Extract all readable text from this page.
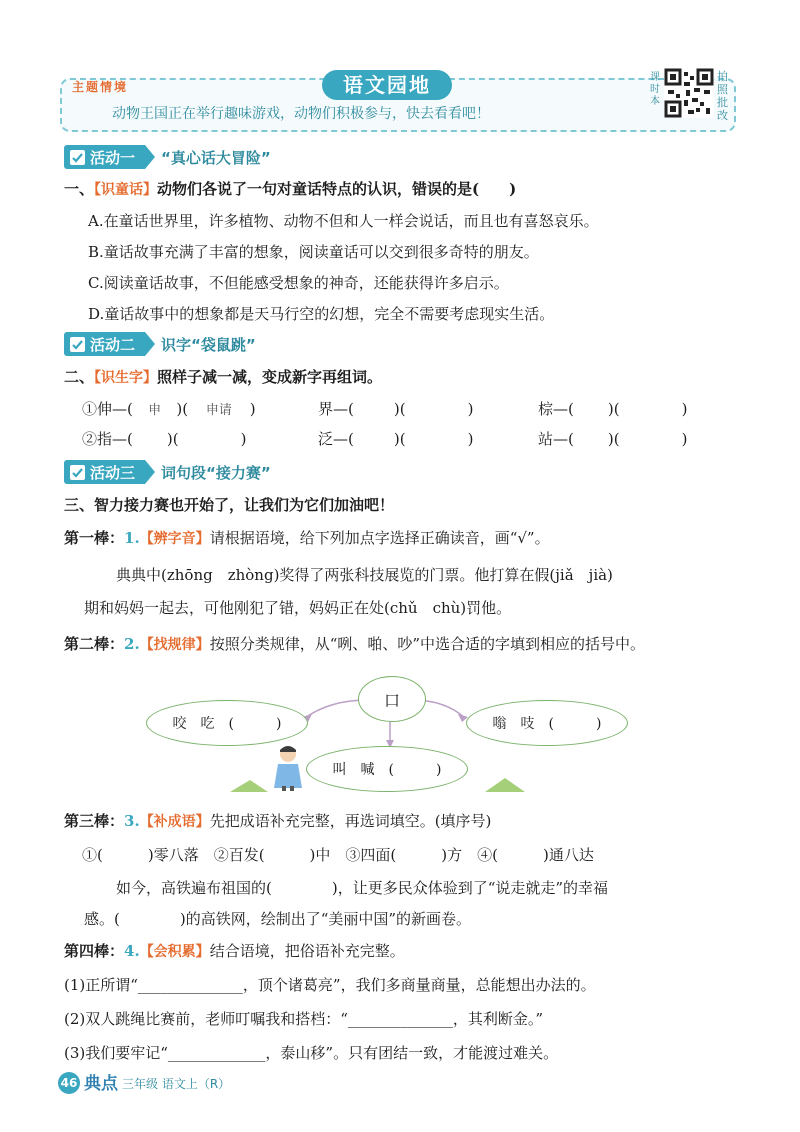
主题情境	语文园地
动物王国正在举行趣味游戏，动物们积极参与，快去看看吧！
课时本
拍照批改
活动一 “真心话大冒险”
一、【识童话】动物们各说了一句对童话特点的认识，错误的是(　　)
A.在童话世界里，许多植物、动物不但和人一样会说话，而且也有喜怒哀乐。
B.童话故事充满了丰富的想象，阅读童话可以交到很多奇特的朋友。
C.阅读童话故事，不但能感受想象的神奇，还能获得许多启示。
D.童话故事中的想象都是天马行空的幻想，完全不需要考虑现实生活。
活动二 识字“袋鼠跳”
二、【识生字】照样子减一减，变成新字再组词。
①伸—( 申 )( 申请 )	界—(	)(	)	棕—( )(	)
②指—( )(	)	泛—(	)(	)	站—( )(	)
活动三 词句段“接力赛”
三、智力接力赛也开始了，让我们为它们加油吧！
第一棒：1.【辨字音】请根据语境，给下列加点字选择正确读音，画“√”。
典典中(zhōng　zhòng)奖得了两张科技展览的门票。他打算在假(jiǎ　jià)
期和妈妈一起去，可他刚犯了错，妈妈正在处(chǔ　chù)罚他。
第二棒：2.【找规律】按照分类规律，从“咧、啪、吵”中选合适的字填到相应的括号中。
口
咬　吃　(　　　)	嗡　吱　(　　　)
叫　喊　(　　　)
第三棒：3.【补成语】先把成语补充完整，再选词填空。(填序号)
①(　　　)零八落　②百发(　　　)中　③四面(　　　)方　④(　　　)通八达
如今，高铁遍布祖国的(　　　　)，让更多民众体验到了“说走就走”的幸福
感。(　　　　)的高铁网，绘制出了“美丽中国”的新画卷。
第四棒：4.【会积累】结合语境，把俗语补充完整。
(1)正所谓“______________，顶个诸葛亮”，我们多商量商量，总能想出办法的。
(2)双人跳绳比赛前，老师叮嘱我和搭档：“______________，其利断金。”
(3)我们要牢记“_____________，泰山移”。只有团结一致，才能渡过难关。
46 典点 三年级 语文上（R）
